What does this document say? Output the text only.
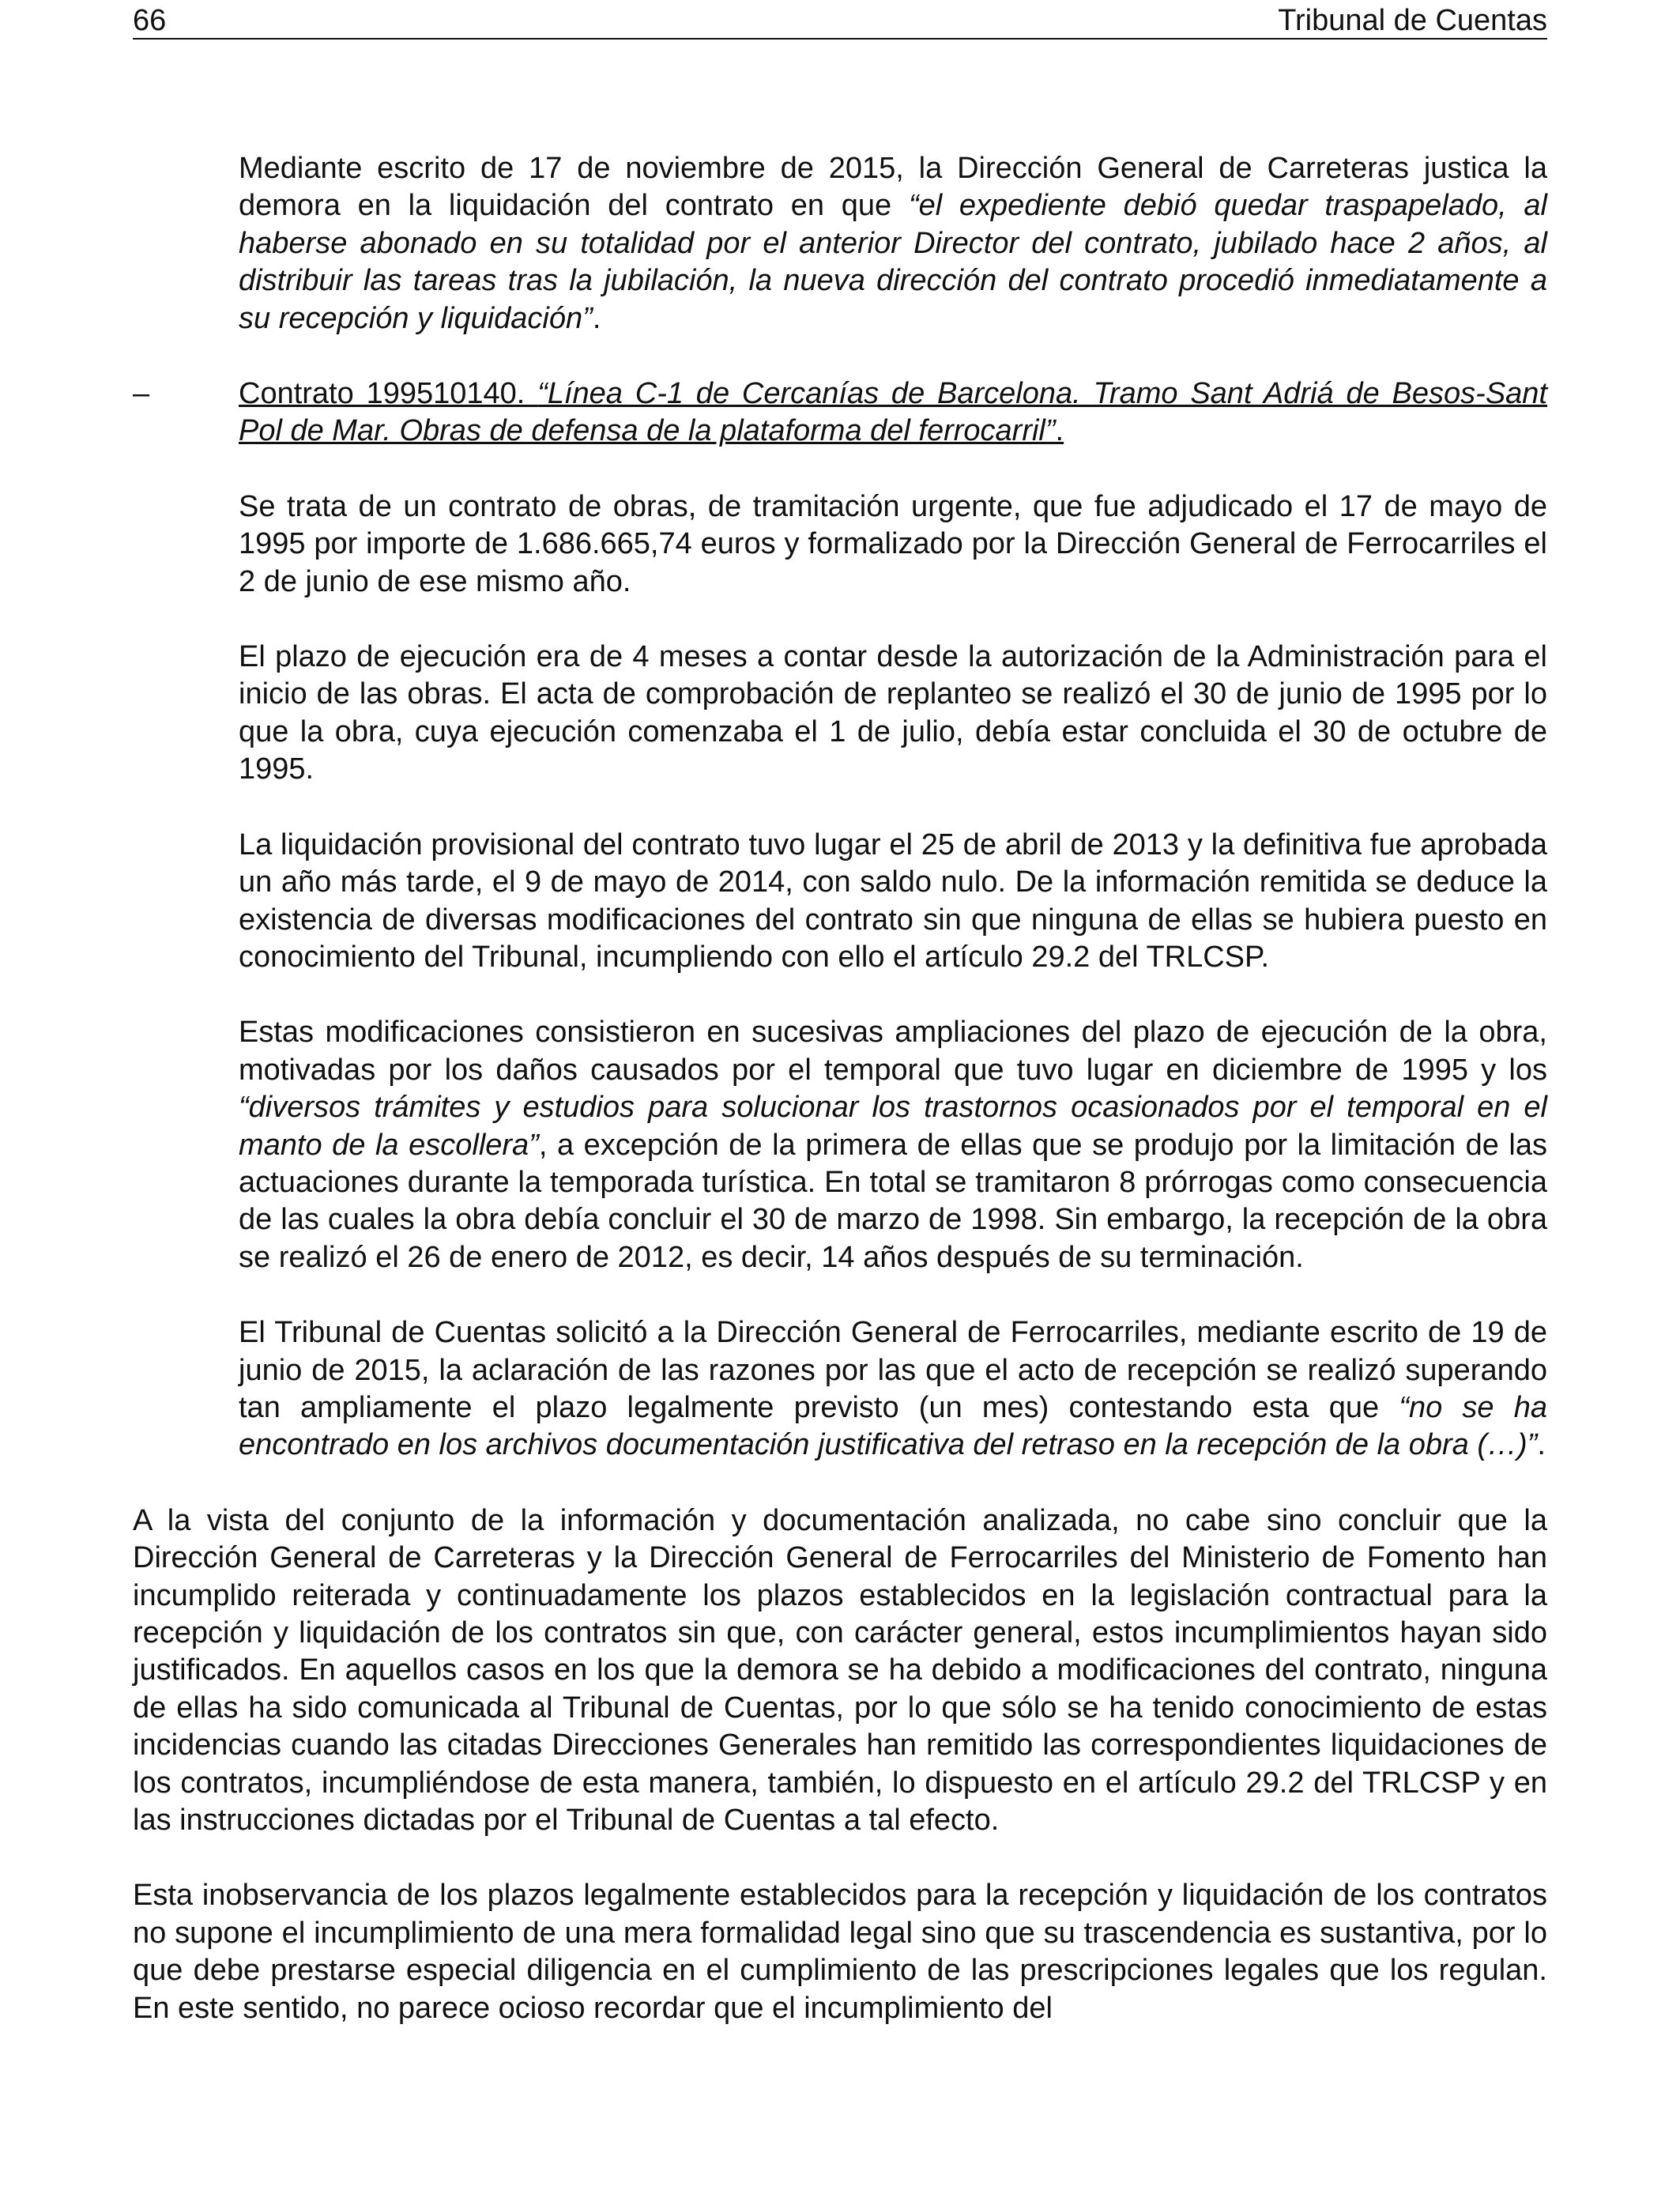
66	Tribunal de Cuentas

Mediante escrito de 17 de noviembre de 2015, la Dirección General de Carreteras justica la demora en la liquidación del contrato en que “el expediente debió quedar traspapelado, al haberse abonado en su totalidad por el anterior Director del contrato, jubilado hace 2 años, al distribuir las tareas tras la jubilación, la nueva dirección del contrato procedió inmediatamente a su recepción y liquidación”.

–	Contrato 199510140. “Línea C-1 de Cercanías de Barcelona. Tramo Sant Adriá de Besos-Sant Pol de Mar. Obras de defensa de la plataforma del ferrocarril”.

Se trata de un contrato de obras, de tramitación urgente, que fue adjudicado el 17 de mayo de 1995 por importe de 1.686.665,74 euros y formalizado por la Dirección General de Ferrocarriles el 2 de junio de ese mismo año.

El plazo de ejecución era de 4 meses a contar desde la autorización de la Administración para el inicio de las obras. El acta de comprobación de replanteo se realizó el 30 de junio de 1995 por lo que la obra, cuya ejecución comenzaba el 1 de julio, debía estar concluida el 30 de octubre de 1995.

La liquidación provisional del contrato tuvo lugar el 25 de abril de 2013 y la definitiva fue aprobada un año más tarde, el 9 de mayo de 2014, con saldo nulo. De la información remitida se deduce la existencia de diversas modificaciones del contrato sin que ninguna de ellas se hubiera puesto en conocimiento del Tribunal, incumpliendo con ello el artículo 29.2 del TRLCSP.

Estas modificaciones consistieron en sucesivas ampliaciones del plazo de ejecución de la obra, motivadas por los daños causados por el temporal que tuvo lugar en diciembre de 1995 y los “diversos trámites y estudios para solucionar los trastornos ocasionados por el temporal en el manto de la escollera”, a excepción de la primera de ellas que se produjo por la limitación de las actuaciones durante la temporada turística. En total se tramitaron 8 prórrogas como consecuencia de las cuales la obra debía concluir el 30 de marzo de 1998. Sin embargo, la recepción de la obra se realizó el 26 de enero de 2012, es decir, 14 años después de su terminación.

El Tribunal de Cuentas solicitó a la Dirección General de Ferrocarriles, mediante escrito de 19 de junio de 2015, la aclaración de las razones por las que el acto de recepción se realizó superando tan ampliamente el plazo legalmente previsto (un mes) contestando esta que “no se ha encontrado en los archivos documentación justificativa del retraso en la recepción de la obra (…)”.

A la vista del conjunto de la información y documentación analizada, no cabe sino concluir que la Dirección General de Carreteras y la Dirección General de Ferrocarriles del Ministerio de Fomento han incumplido reiterada y continuadamente los plazos establecidos en la legislación contractual para la recepción y liquidación de los contratos sin que, con carácter general, estos incumplimientos hayan sido justificados. En aquellos casos en los que la demora se ha debido a modificaciones del contrato, ninguna de ellas ha sido comunicada al Tribunal de Cuentas, por lo que sólo se ha tenido conocimiento de estas incidencias cuando las citadas Direcciones Generales han remitido las correspondientes liquidaciones de los contratos, incumpliéndose de esta manera, también, lo dispuesto en el artículo 29.2 del TRLCSP y en las instrucciones dictadas por el Tribunal de Cuentas a tal efecto.

Esta inobservancia de los plazos legalmente establecidos para la recepción y liquidación de los contratos no supone el incumplimiento de una mera formalidad legal sino que su trascendencia es sustantiva, por lo que debe prestarse especial diligencia en el cumplimiento de las prescripciones legales que los regulan. En este sentido, no parece ocioso recordar que el incumplimiento del
